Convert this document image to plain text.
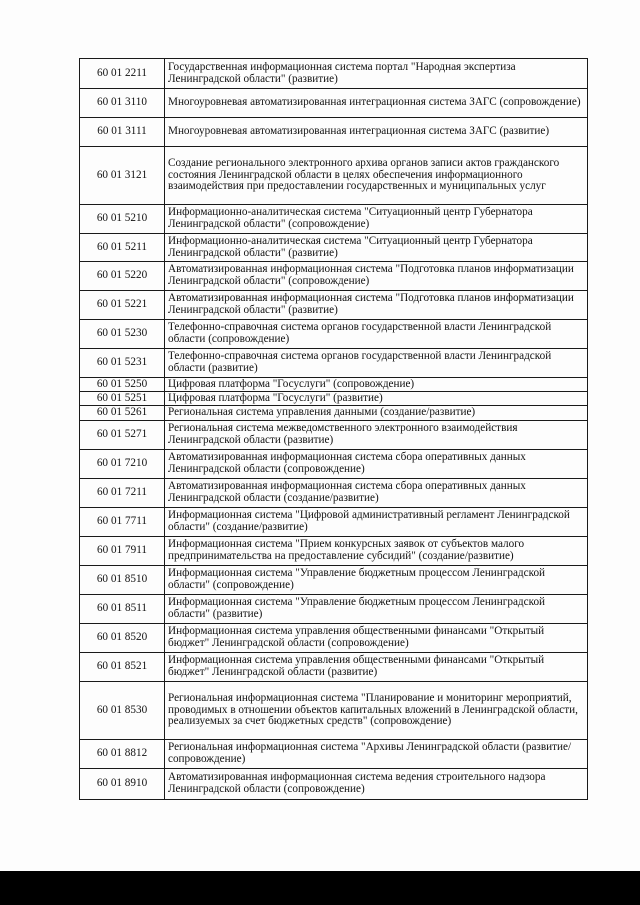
60 01 2211	Государственная информационная система портал "Народная экспертиза Ленинградской области" (развитие)
60 01 3110	Многоуровневая автоматизированная интеграционная система ЗАГС (сопровождение)
60 01 3111	Многоуровневая автоматизированная интеграционная система ЗАГС (развитие)
60 01 3121	Создание регионального электронного архива органов записи актов гражданского состояния Ленинградской области в целях обеспечения информационного взаимодействия при предоставлении государственных и муниципальных услуг
60 01 5210	Информационно-аналитическая система "Ситуационный центр Губернатора Ленинградской области" (сопровождение)
60 01 5211	Информационно-аналитическая система "Ситуационный центр Губернатора Ленинградской области" (развитие)
60 01 5220	Автоматизированная информационная система "Подготовка планов информатизации Ленинградской области" (сопровождение)
60 01 5221	Автоматизированная информационная система "Подготовка планов информатизации Ленинградской области" (развитие)
60 01 5230	Телефонно-справочная система органов государственной власти Ленинградской области (сопровождение)
60 01 5231	Телефонно-справочная система органов государственной власти Ленинградской области (развитие)
60 01 5250	Цифровая платформа "Госуслуги" (сопровождение)
60 01 5251	Цифровая платформа "Госуслуги" (развитие)
60 01 5261	Региональная система управления данными (создание/развитие)
60 01 5271	Региональная система межведомственного электронного взаимодействия Ленинградской области (развитие)
60 01 7210	Автоматизированная информационная система сбора оперативных данных Ленинградской области (сопровождение)
60 01 7211	Автоматизированная информационная система сбора оперативных данных Ленинградской области (создание/развитие)
60 01 7711	Информационная система "Цифровой административный регламент Ленинградской области" (создание/развитие)
60 01 7911	Информационная система "Прием конкурсных заявок от субъектов малого предпринимательства на предоставление субсидий" (создание/развитие)
60 01 8510	Информационная система "Управление бюджетным процессом Ленинградской области" (сопровождение)
60 01 8511	Информационная система "Управление бюджетным процессом Ленинградской области" (развитие)
60 01 8520	Информационная система управления общественными финансами "Открытый бюджет" Ленинградской области (сопровождение)
60 01 8521	Информационная система управления общественными финансами "Открытый бюджет" Ленинградской области (развитие)
60 01 8530	Региональная информационная система "Планирование и мониторинг мероприятий, проводимых в отношении объектов капитальных вложений в Ленинградской области, реализуемых за счет бюджетных средств" (сопровождение)
60 01 8812	Региональная информационная система "Архивы Ленинградской области (развитие/сопровождение)
60 01 8910	Автоматизированная информационная система ведения строительного надзора Ленинградской области (сопровождение)
